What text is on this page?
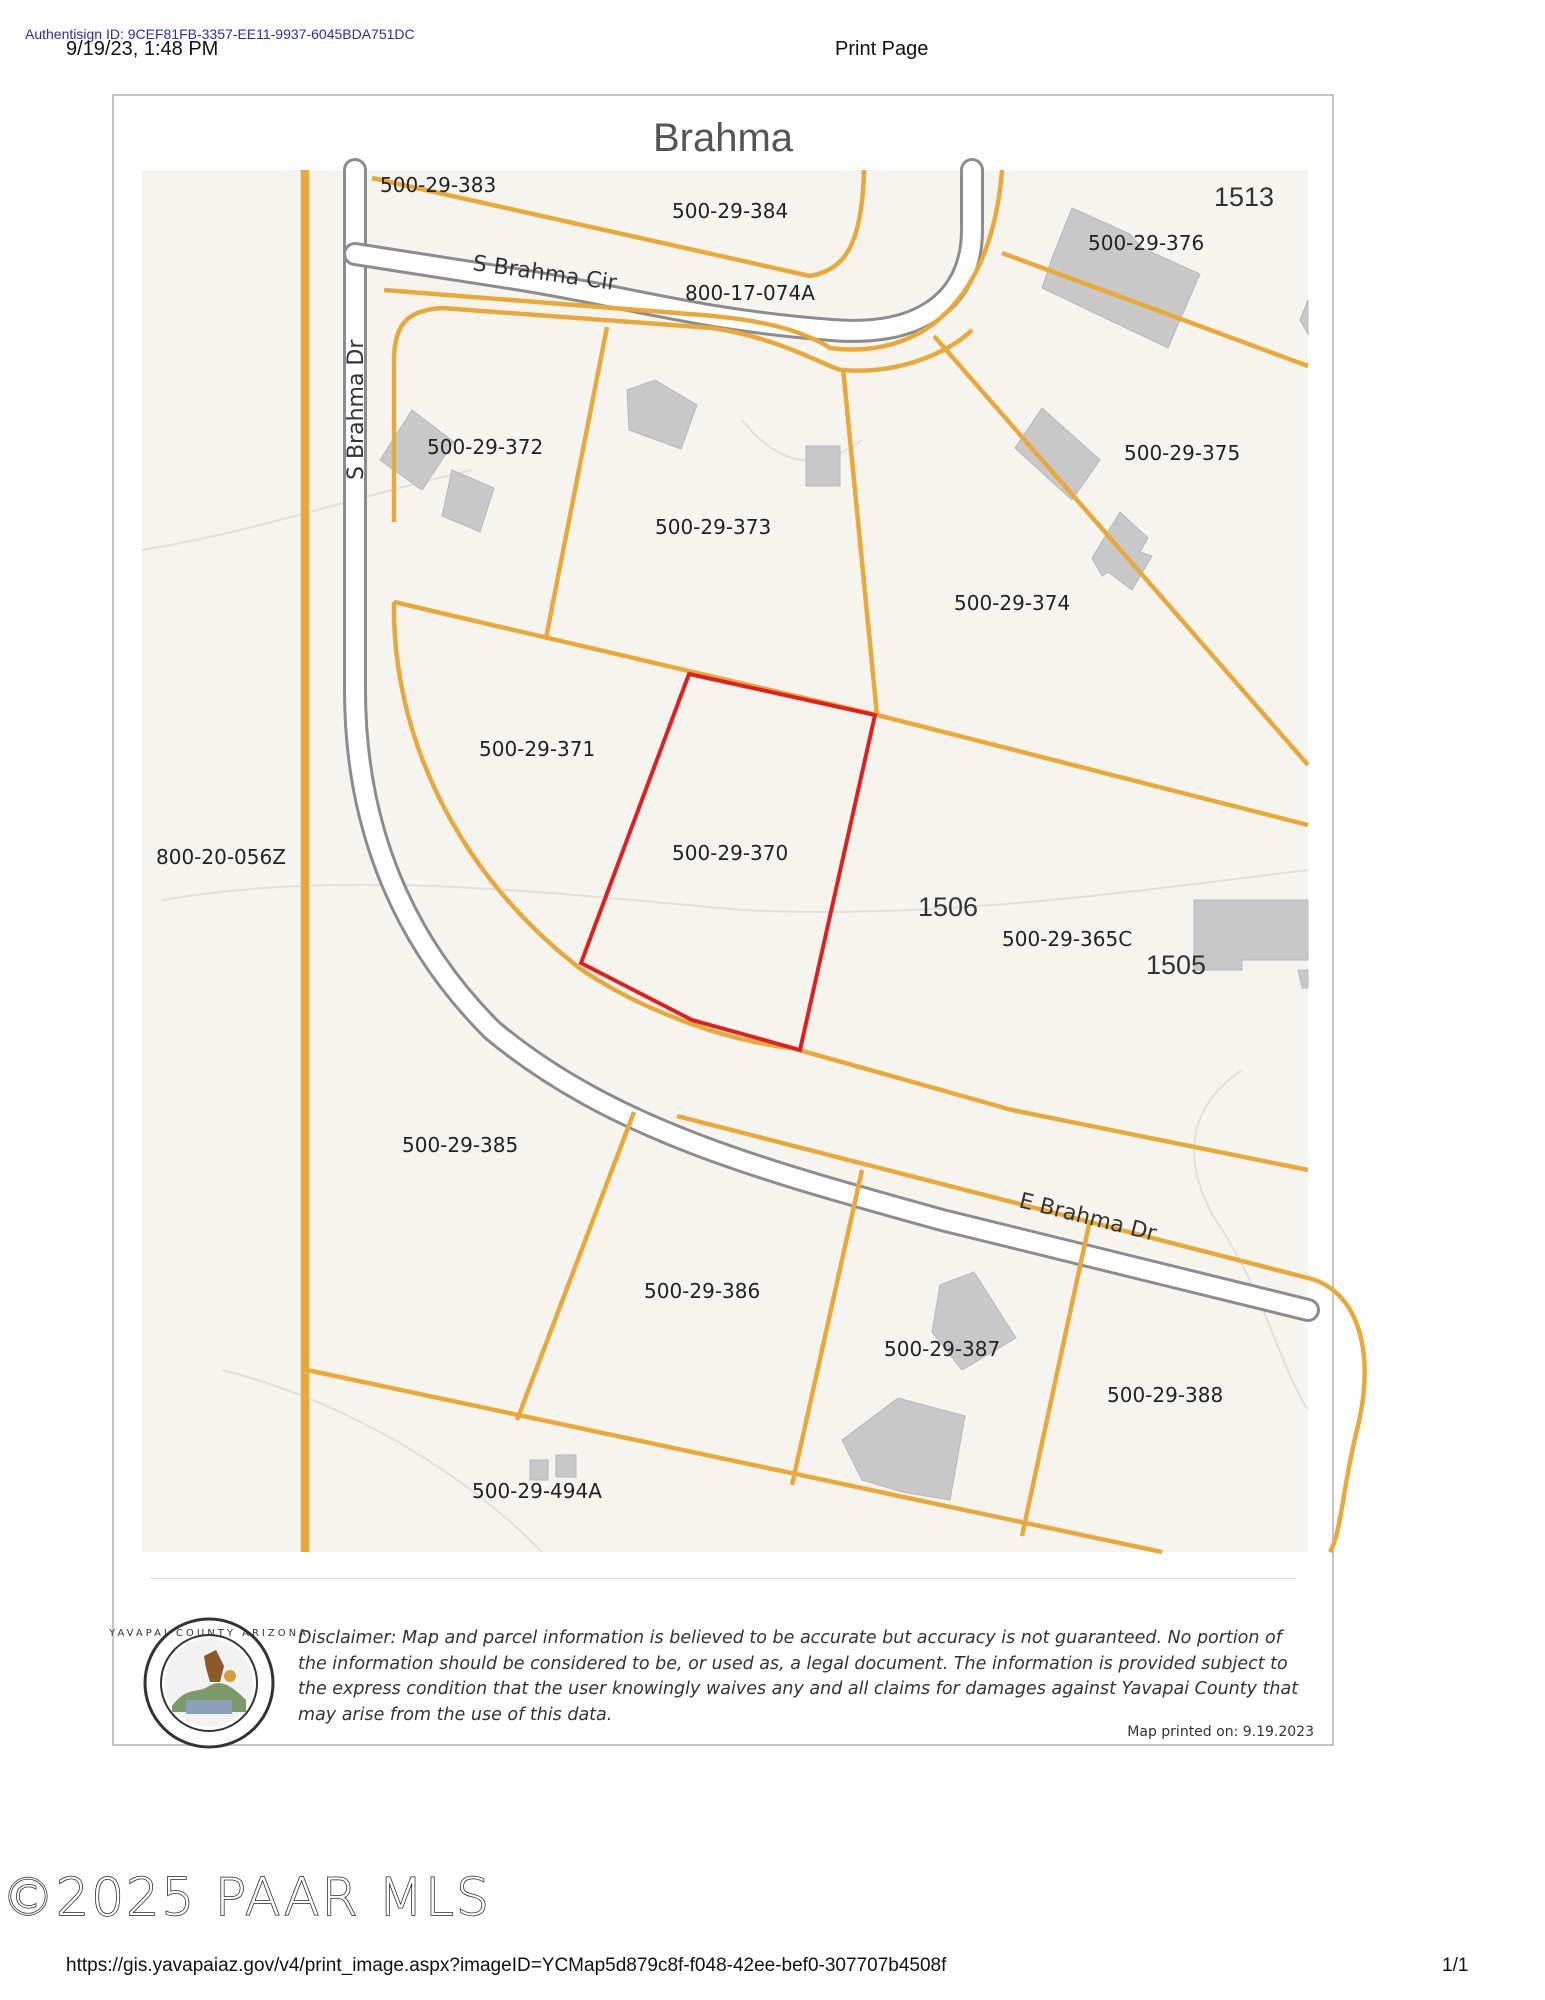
Authentisign ID: 9CEF81FB-3357-EE11-9937-6045BDA751DC
9/19/23, 1:48 PM	Print Page
Brahma
S Brahma Cir
S Brahma Dr
E Brahma Dr
500-29-383
500-29-384
500-29-376
800-17-074A
500-29-372
500-29-373
500-29-375
500-29-374
500-29-371
500-29-370
800-20-056Z
500-29-365C
500-29-385
500-29-386
500-29-387
500-29-388
500-29-494A
1513
1506
1505
YAVAPAI COUNTY ARIZONA
Disclaimer: Map and parcel information is believed to be accurate but accuracy is not guaranteed. No portion of the information should be considered to be, or used as, a legal document. The information is provided subject to the express condition that the user knowingly waives any and all claims for damages against Yavapai County that may arise from the use of this data.
Map printed on: 9.19.2023
©2025 PAAR MLS
https://gis.yavapaiaz.gov/v4/print_image.aspx?imageID=YCMap5d879c8f-f048-42ee-bef0-307707b4508f	1/1
